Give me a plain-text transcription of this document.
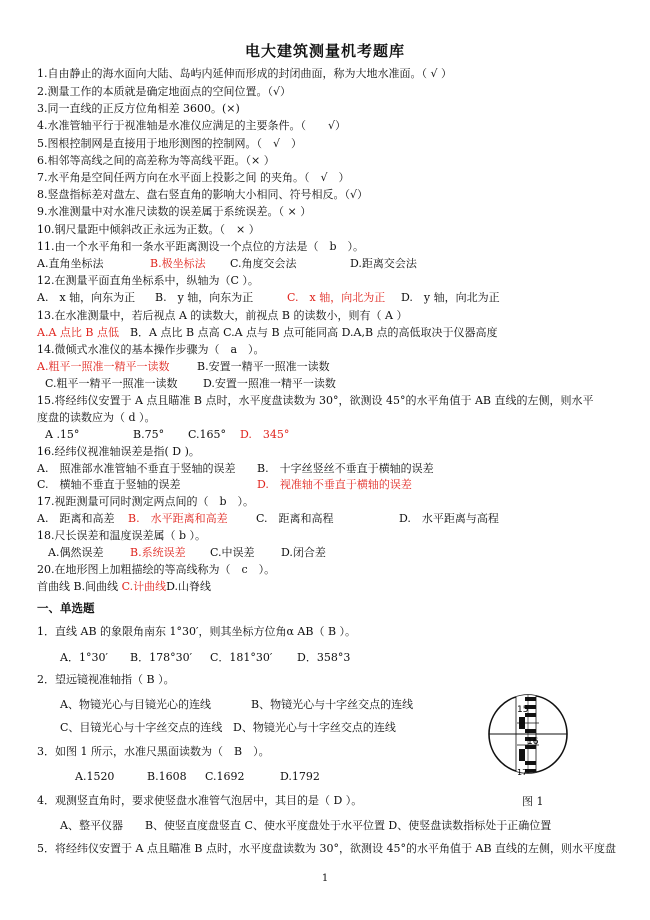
电大建筑测量机考题库
1.自由静止的海水面向大陆、岛屿内延伸而形成的封闭曲面，称为大地水准面。（ √ ）
2.测量工作的本质就是确定地面点的空间位置。（√）
3.同一直线的正反方位角相差 3600。(×)
4.水准管轴平行于视准轴是水准仪应满足的主要条件。（　　√）
5.图根控制网是直接用于地形测图的控制网。（　√　）
6.相邻等高线之间的高差称为等高线平距。（× ）
7.水平角是空间任两方向在水平面上投影之间 的夹角。（　√　）
8.竖盘指标差对盘左、盘右竖直角的影响大小相同、符号相反。（√）
9.水准测量中对水准尺读数的误差属于系统误差。（ × ）
10.钢尺量距中倾斜改正永远为正数。（　× ）
11.由一个水平角和一条水平距离测设一个点位的方法是（　b　）。
A.直角坐标法	B.极坐标法 C.角度交会法	D.距离交会法
12.在测量平面直角坐标系中，纵轴为（C ）。
A.　x 轴，向东为正 B.　y 轴，向东为正	C.　x 轴，向北为正 D.　y 轴，向北为正
13.在水准测量中，若后视点 A 的读数大，前视点 B 的读数小，则有（ A ）
A.A 点比 B 点低　B．A 点比 B 点高 C.A 点与 B 点可能同高 D.A,B 点的高低取决于仪器高度
14.微倾式水准仪的基本操作步骤为（　a　）。
A.粗平一照准一精平一读数	B.安置一精平一照准一读数
C.粗平一精平一照准一读数 D.安置一照准一精平一读数
15.将经纬仪安置于 A 点且瞄准 B 点时，水平度盘读数为 30°，欲测设 45°的水平角值于 AB 直线的左侧，则水平
度盘的读数应为（ d ）。
A .15°	B.75° C.165° D.　345°
16.经纬仪视准轴误差是指( D )。
A.　照准部水准管轴不垂直于竖轴的误差 B.　十字丝竖丝不垂直于横轴的误差
C.　横轴不垂直于竖轴的误差	D.　视准轴不垂直于横轴的误差
17.视距测量可同时测定两点间的（　b　）。
A.　距离和高差 B.　水平距离和高差	C.　距离和高程	D.　水平距离与高程
18.尺长误差和温度误差属（ b ）。
A.偶然误差 B.系统误差 C.中误差 D.闭合差
20.在地形图上加粗描绘的等高线称为（　c　）。
首曲线 B.间曲线 C.计曲线D.山脊线
一、单选题
1．直线 AB 的象限角南东 1°30′，则其坐标方位角α AB（ B ）。
A．1°30′ B．178°30′ C．181°30′ D．358°3
2．望远镜视准轴指（ B ）。
A、物镜光心与目镜光心的连线	B、物镜光心与十字丝交点的连线
C、目镜光心与十字丝交点的连线 D、物镜光心与十字丝交点的连线
3．如图 1 所示，水准尺黑面读数为（　B　）。
A.1520	B.1608 C.1692	D.1792
15
16
17
图 1
4．观测竖直角时，要求使竖盘水准管气泡居中，其目的是（ D ）。
A、整平仪器　　B、使竖直度盘竖直 C、使水平度盘处于水平位置 D、使竖盘读数指标处于正确位置
5．将经纬仪安置于 A 点且瞄准 B 点时，水平度盘读数为 30°，欲测设 45°的水平角值于 AB 直线的左侧，则水平度盘
1
